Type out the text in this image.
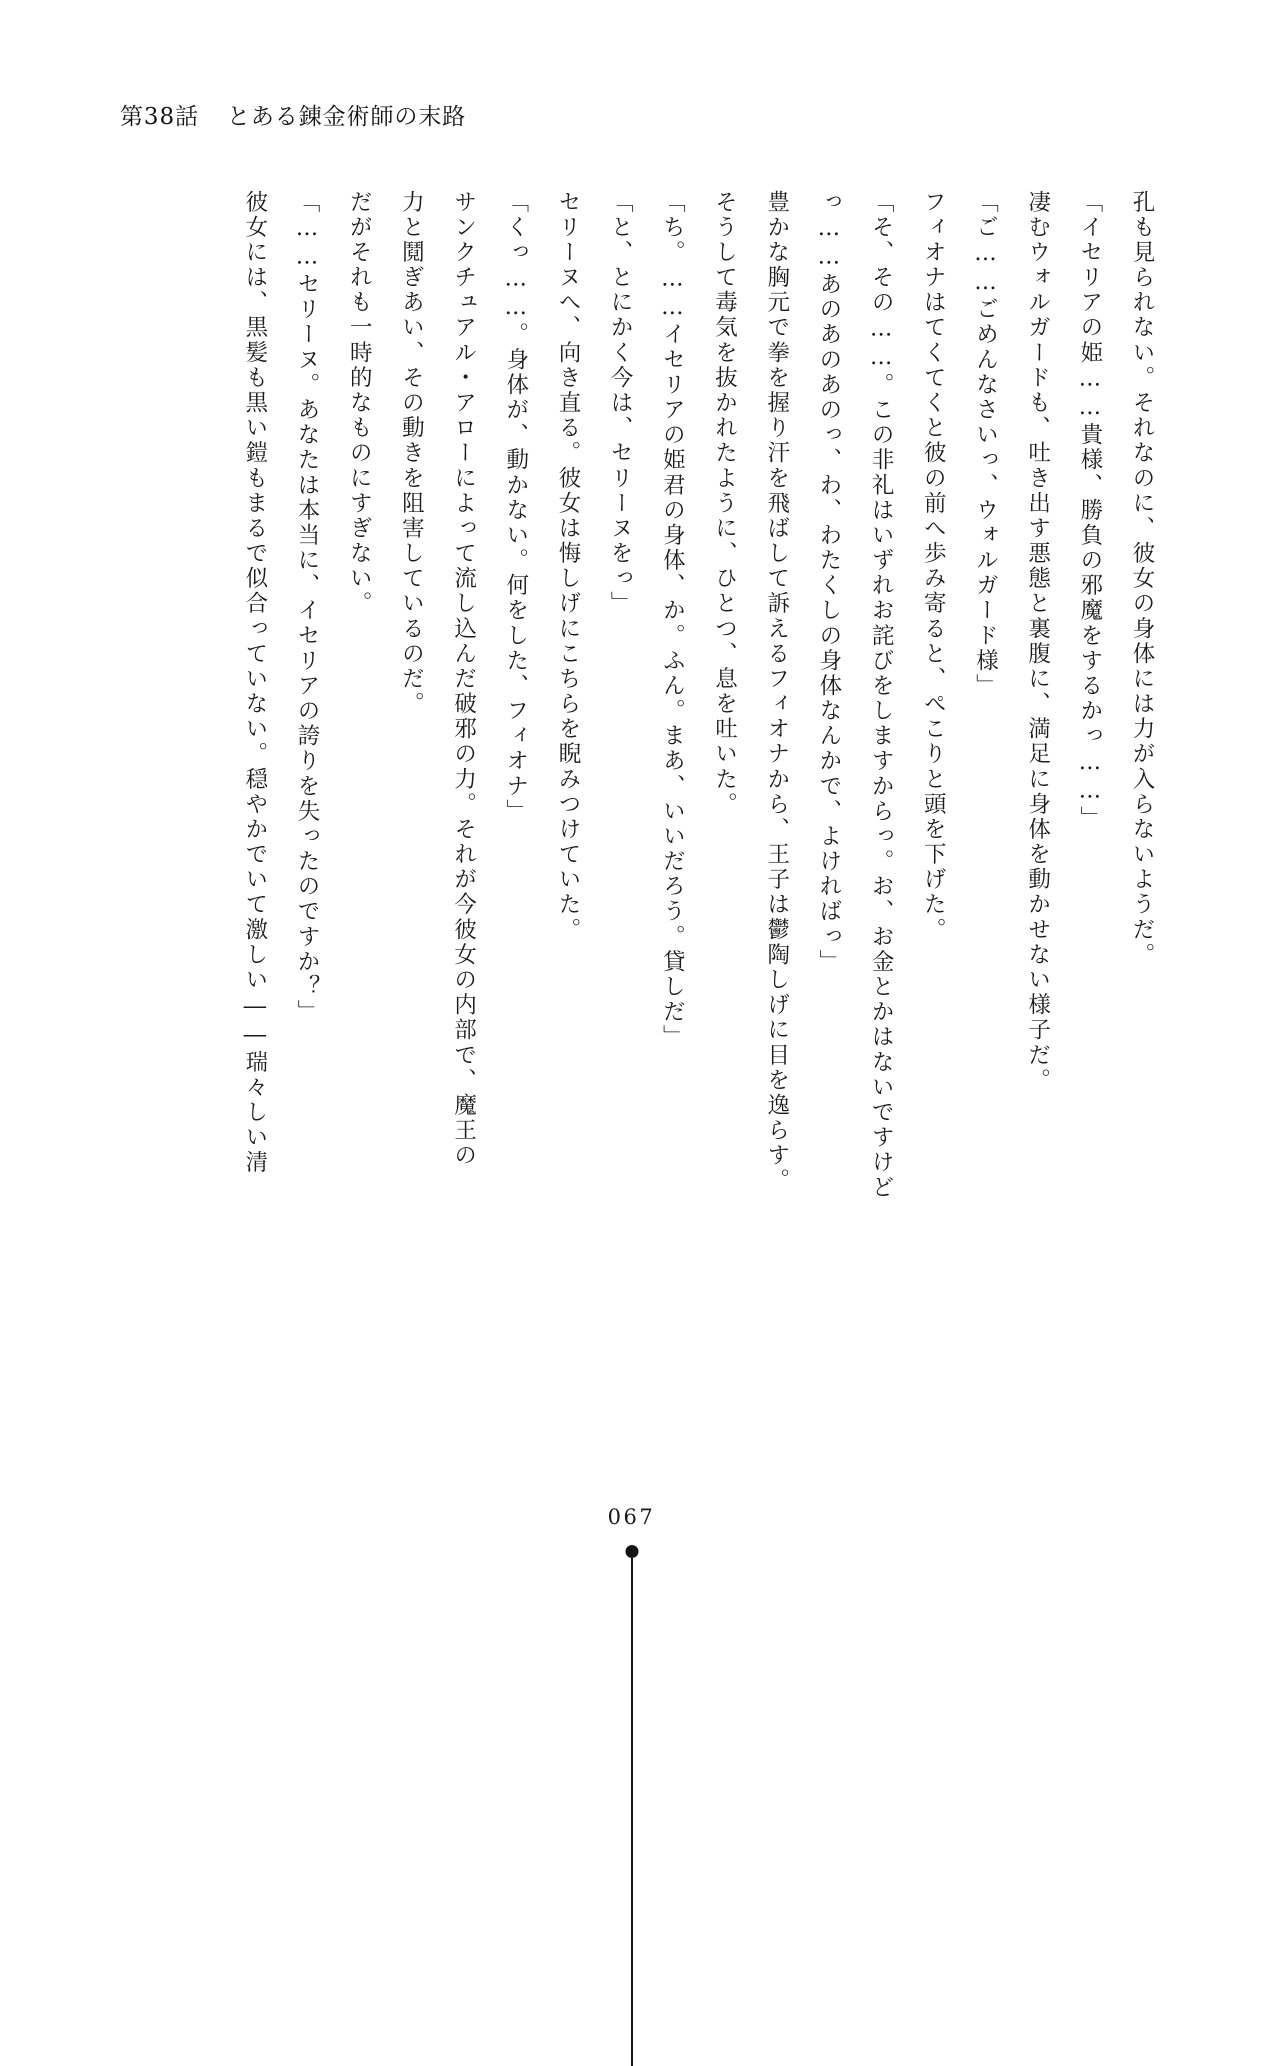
第38話 とある錬金術師の末路

孔も見られない。それなのに、彼女の身体には力が入らないようだ。

「イセリアの姫……貴様、勝負の邪魔をするかっ……」

凄むウォルガードも、吐き出す悪態と裏腹に、満足に身体を動かせない様子だ。

「ご……ごめんなさいっ、ウォルガード様」

フィオナはてくてくと彼の前へ歩み寄ると、ぺこりと頭を下げた。

「そ、その……。この非礼はいずれお詫びをしますからっ。お、お金とかはないですけど

っ……あのあのあのっ、わ、わたくしの身体なんかで、よければっ」

豊かな胸元で拳を握り汗を飛ばして訴えるフィオナから、王子は鬱陶しげに目を逸らす。

そうして毒気を抜かれたように、ひとつ、息を吐いた。

「ち。……イセリアの姫君の身体、か。ふん。まあ、いいだろう。貸しだ」

「と、とにかく今は、セリーヌをっ」

セリーヌへ、向き直る。彼女は悔しげにこちらを睨みつけていた。

「くっ……。身体が、動かない。何をした、フィオナ」

サンクチュアル・アローによって流し込んだ破邪の力。それが今彼女の内部で、魔王の

力と鬩ぎあい、その動きを阻害しているのだ。

だがそれも一時的なものにすぎない。

「……セリーヌ。あなたは本当に、イセリアの誇りを失ったのですか？」

彼女には、黒髪も黒い鎧もまるで似合っていない。穏やかでいて激しい――瑞々しい清

067
